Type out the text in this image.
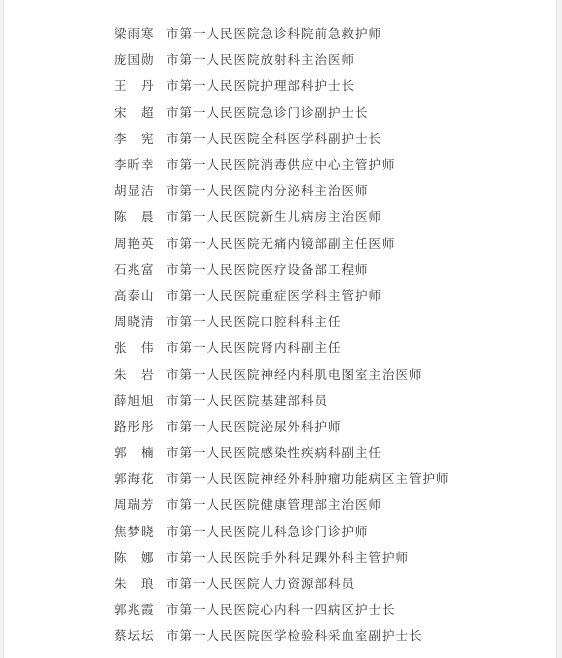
梁雨寒 市第一人民医院急诊科院前急救护师
庞国勋 市第一人民医院放射科主治医师
王　丹 市第一人民医院护理部科护士长
宋　超 市第一人民医院急诊门诊副护士长
李　宪 市第一人民医院全科医学科副护士长
李昕幸 市第一人民医院消毒供应中心主管护师
胡显洁 市第一人民医院内分泌科主治医师
陈　晨 市第一人民医院新生儿病房主治医师
周艳英 市第一人民医院无痛内镜部副主任医师
石兆富 市第一人民医院医疗设备部工程师
高泰山 市第一人民医院重症医学科主管护师
周晓清 市第一人民医院口腔科科主任
张　伟 市第一人民医院肾内科副主任
朱　岩 市第一人民医院神经内科肌电图室主治医师
薛旭旭 市第一人民医院基建部科员
路彤彤 市第一人民医院泌尿外科护师
郭　楠 市第一人民医院感染性疾病科副主任
郭海花 市第一人民医院神经外科肿瘤功能病区主管护师
周瑞芳 市第一人民医院健康管理部主治医师
焦梦晓 市第一人民医院儿科急诊门诊护师
陈　娜 市第一人民医院手外科足踝外科主管护师
朱　琅 市第一人民医院人力资源部科员
郭兆霞 市第一人民医院心内科一四病区护士长
蔡坛坛 市第一人民医院医学检验科采血室副护士长
